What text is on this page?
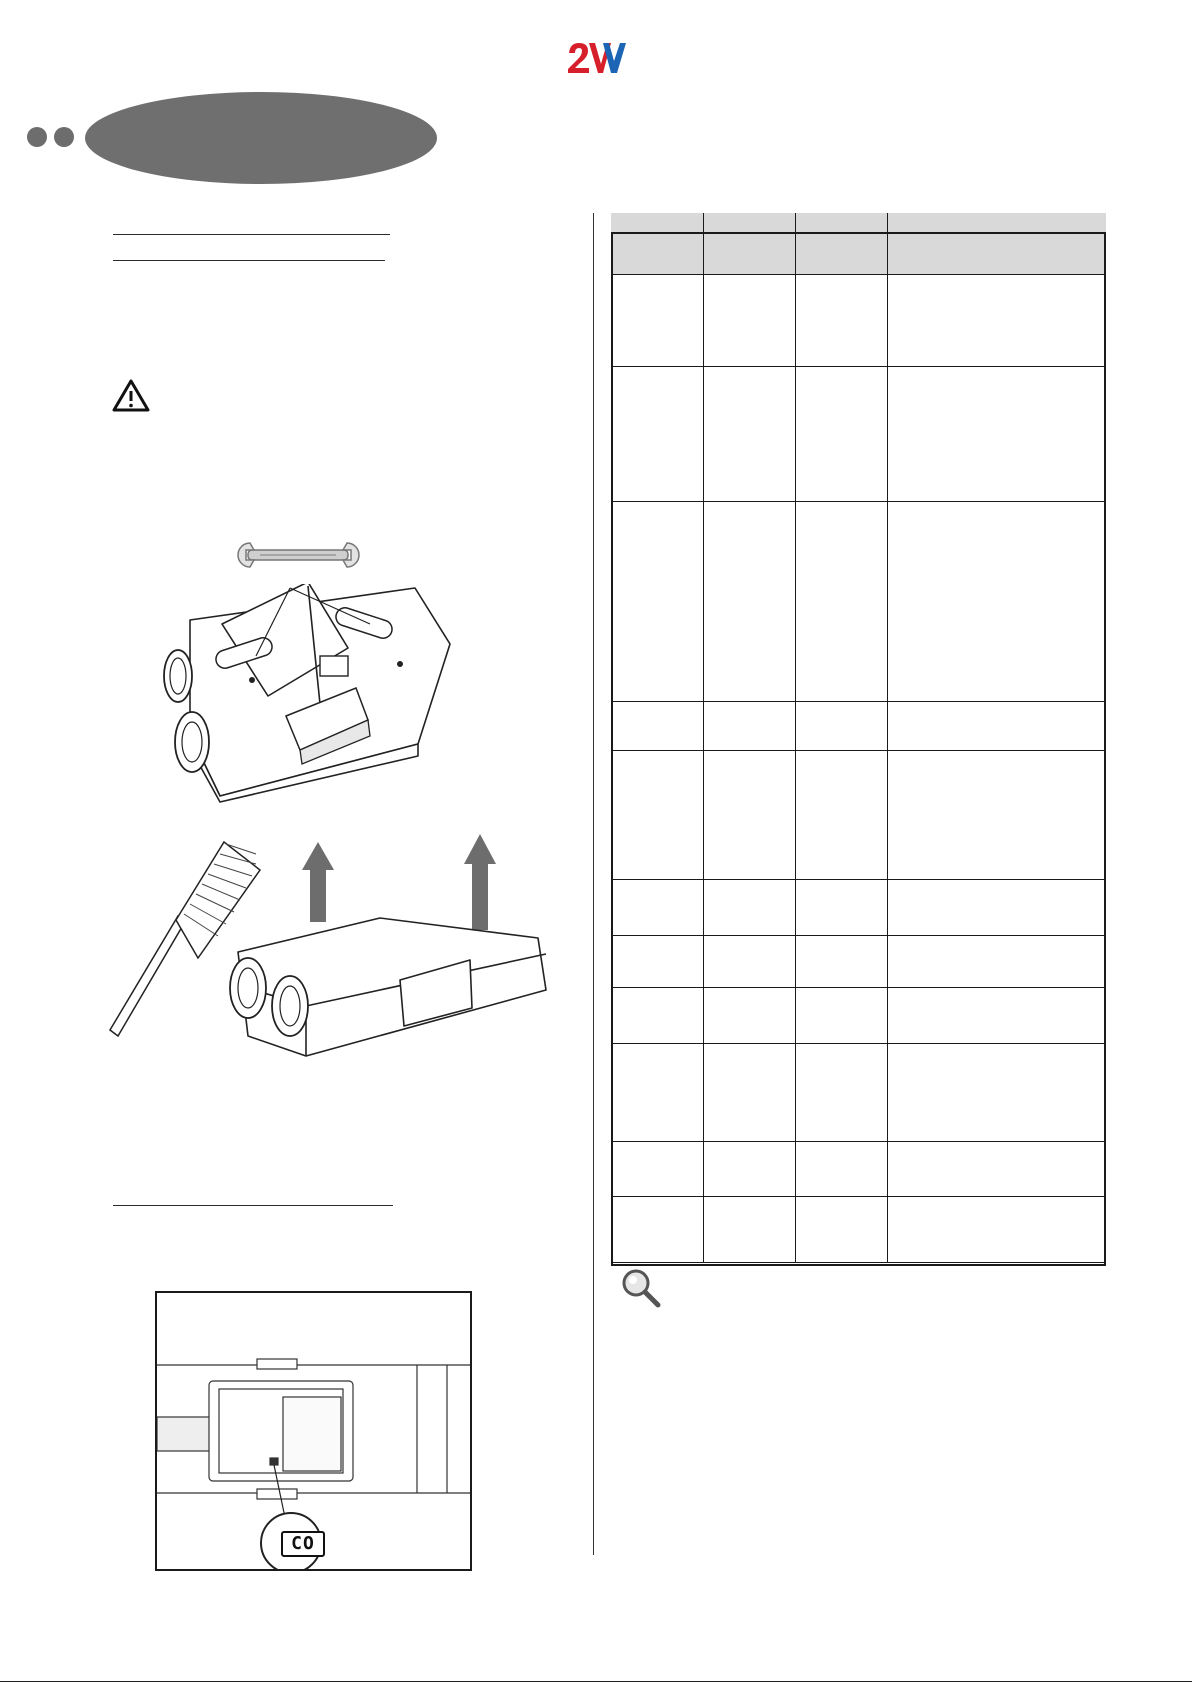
CO
